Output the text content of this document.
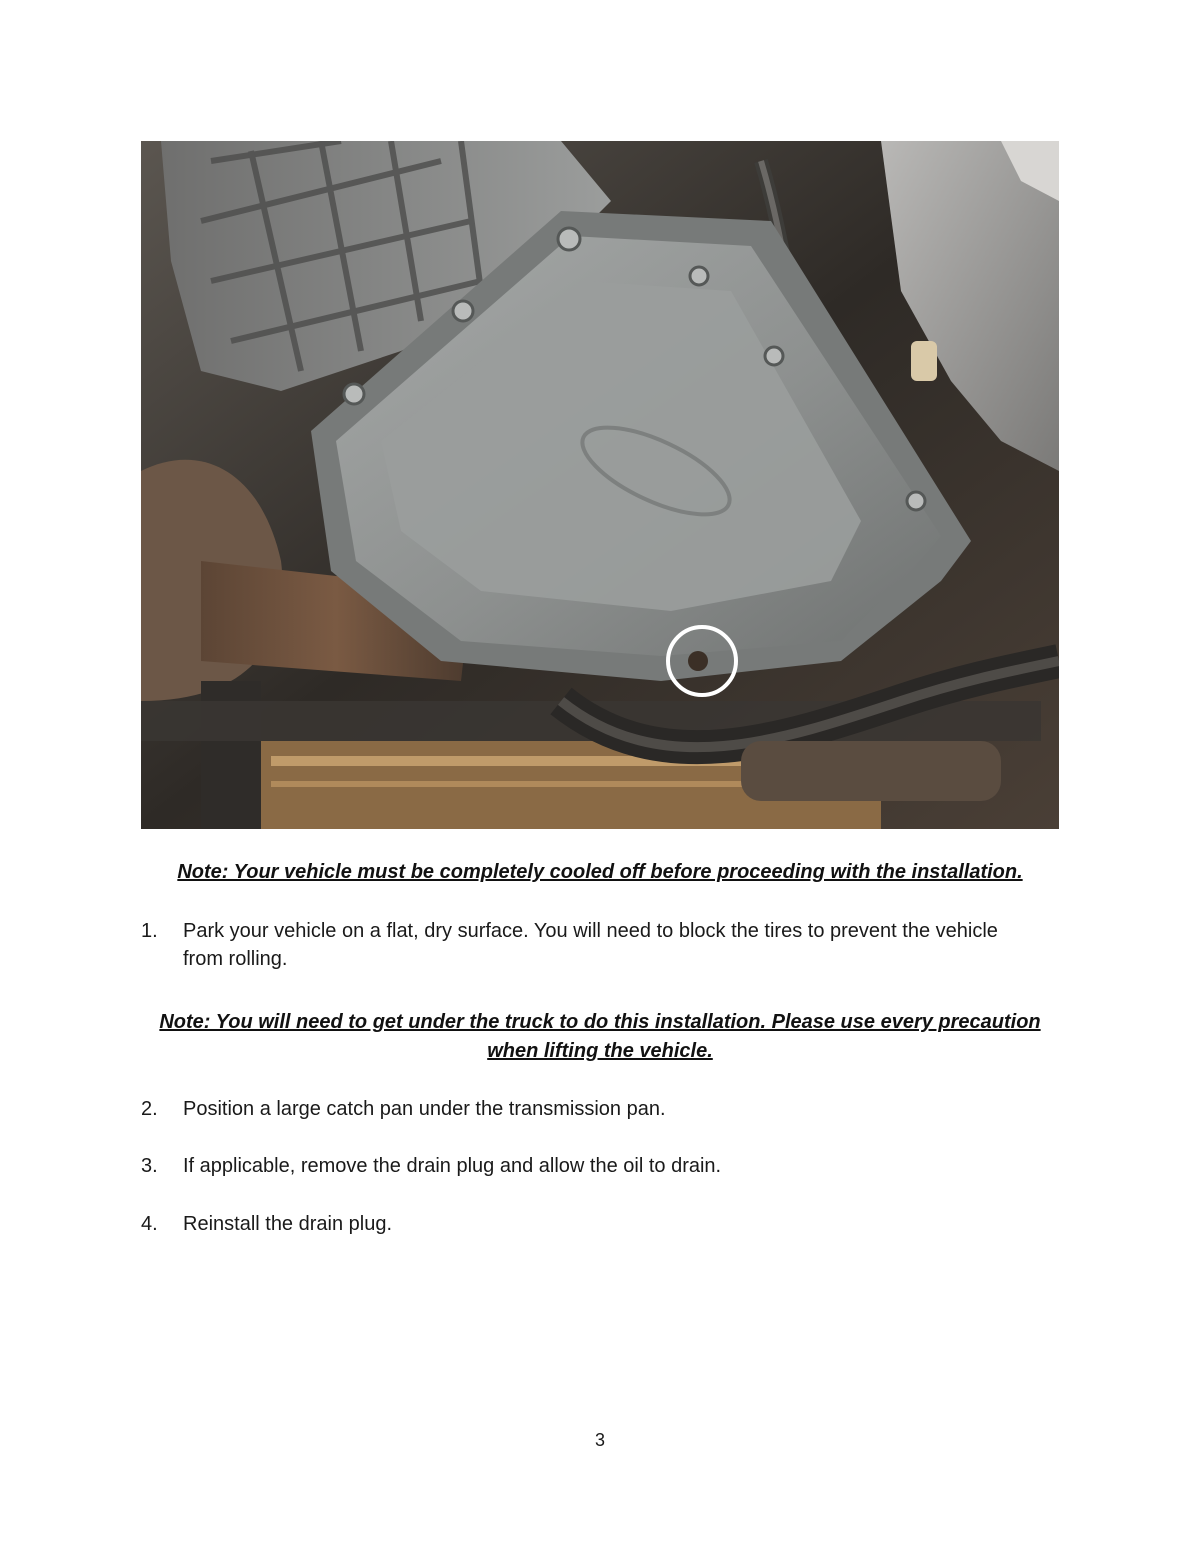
Note: Your vehicle must be completely cooled off before proceeding with the installation.
1.	Park your vehicle on a flat, dry surface. You will need to block the tires to prevent the vehicle from rolling.
Note: You will need to get under the truck to do this installation. Please use every precaution when lifting the vehicle.
2.	Position a large catch pan under the transmission pan.
3.	If applicable, remove the drain plug and allow the oil to drain.
4.	Reinstall the drain plug.
3
